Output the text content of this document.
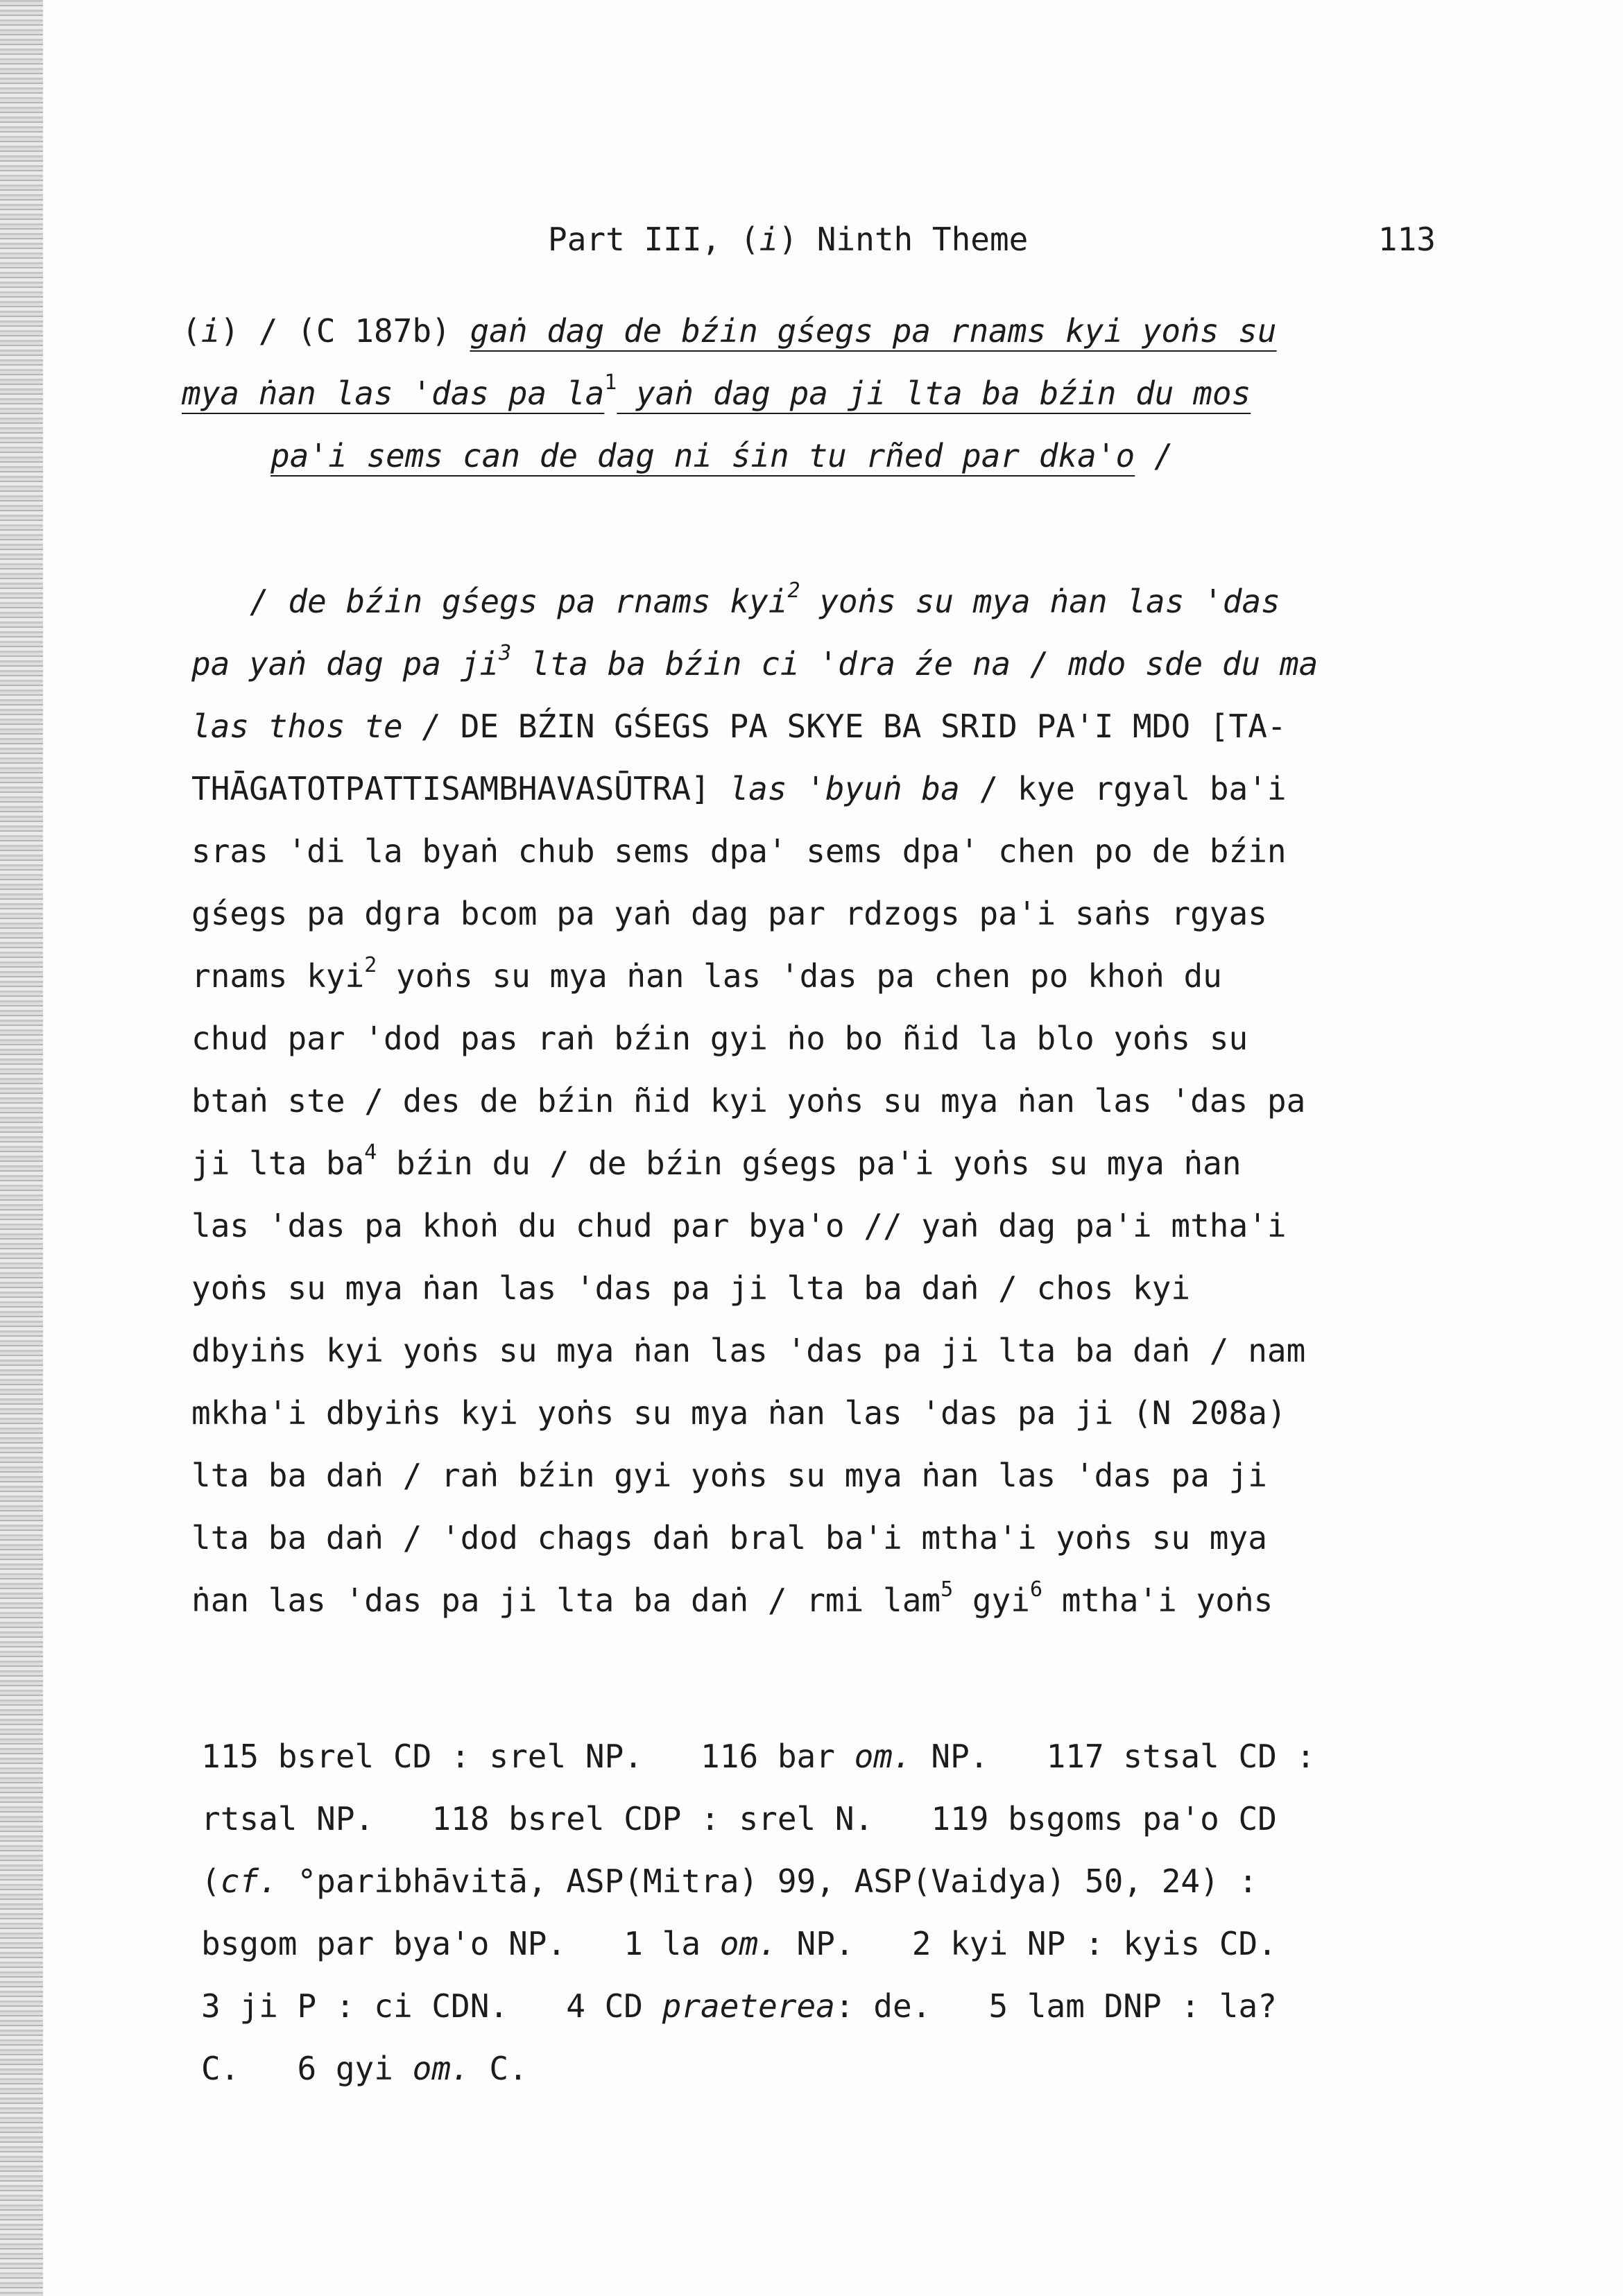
Part III, (i) Ninth Theme	113
(i) / (C 187b) gaṅ dag de bźin gśegs pa rnams kyi yoṅs su
mya ṅan las 'das pa $la^1$ yaṅ dag pa ji lta ba bźin du mos
pa'i sems can de dag ni śin tu rñed par dka'o /
/ de bźin gśegs pa rnams kyi$^2$ yoṅs su mya ṅan las 'das
pa yaṅ dag pa $ji^3$ lta ba bźin ci 'dra źe na / mdo sde du ma
las thos te / DE BŹIN GŚEGS PA SKYE BA SRID PA'I MDO [TA-
THĀGATOTPATTISAMBHAVASŪTRA] las 'byuṅ ba / kye rgyal ba'i
sras 'di la byaṅ chub sems dpa' sems dpa' chen po de bźin
gśegs pa dgra bcom pa yaṅ dag par rdzogs pa'i saṅs rgyas
rnams kyi$^2$ yoṅs su mya ṅan las 'das pa chen po khoṅ du
chud par 'dod pas raṅ bźin gyi ṅo bo ñid la blo yoṅs su
btaṅ ste / des de bźin ñid kyi yoṅs su mya ṅan las 'das pa
ji lta $ba^4$ bźin du / de bźin gśegs pa'i yoṅs su mya ṅan
las 'das pa khoṅ du chud par bya'o // yaṅ dag pa'i mtha'i
yoṅs su mya ṅan las 'das pa ji lta ba daṅ / chos kyi
dbyiṅs kyi yoṅs su mya ṅan las 'das pa ji lta ba daṅ / nam
mkha'i dbyiṅs kyi yoṅs su mya ṅan las 'das pa ji (N 208a)
lta ba daṅ / raṅ bźin gyi yoṅs su mya ṅan las 'das pa ji
lta ba daṅ / 'dod chags daṅ bral ba'i mtha'i yoṅs su mya
ṅan las 'das pa ji lta ba daṅ / rmi lam$^5$ gyi$^6$ mtha'i yoṅs
115 bsrel CD : srel NP.   116 bar om. NP.   117 stsal CD :
rtsal NP.   118 bsrel CDP : srel N.   119 bsgoms pa'o CD
(cf. °paribhāvitā, ASP(Mitra) 99, ASP(Vaidya) 50, 24) :
bsgom par bya'o NP.   1 la om. NP.   2 kyi NP : kyis CD.
3 ji P : ci CDN.   4 CD praeterea: de.   5 lam DNP : la?
C.   6 gyi om. C.
